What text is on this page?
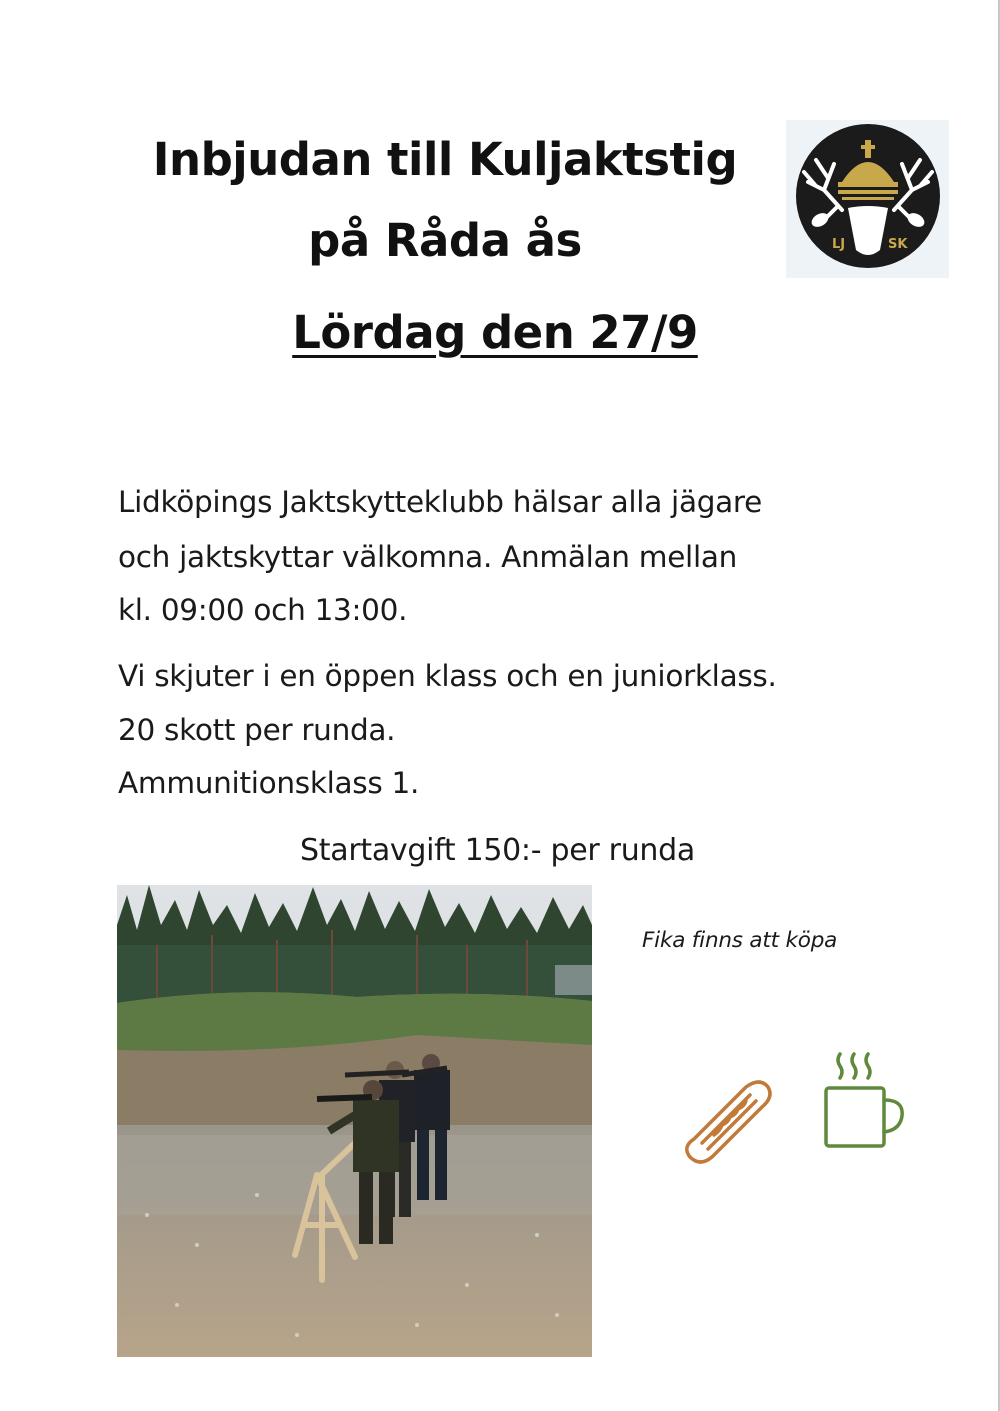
Inbjudan till Kuljaktstig
på Råda ås
Lördag den 27/9
LJ	SK
Lidköpings Jaktskytteklubb hälsar alla jägare
och jaktskyttar välkomna. Anmälan mellan
kl. 09:00 och 13:00.
Vi skjuter i en öppen klass och en juniorklass.
20 skott per runda.
Ammunitionsklass 1.
Startavgift 150:- per runda
Fika finns att köpa
